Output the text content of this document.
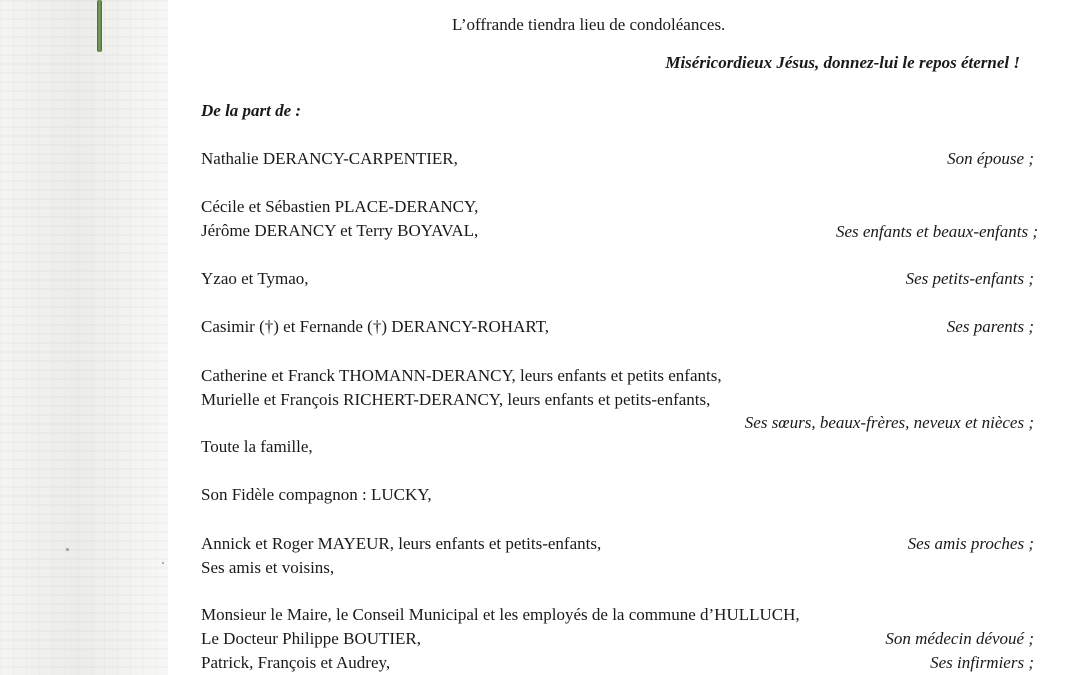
L’offrande tiendra lieu de condoléances.
Miséricordieux Jésus, donnez-lui le repos éternel !
De la part de :
Nathalie DERANCY-CARPENTIER,	Son épouse ;
Cécile et Sébastien PLACE-DERANCY,
Jérôme DERANCY et Terry BOYAVAL,	Ses enfants et beaux-enfants ;
Yzao et Tymao,	Ses petits-enfants ;
Casimir (†) et Fernande (†) DERANCY-ROHART,	Ses parents ;
Catherine et Franck THOMANN-DERANCY, leurs enfants et petits enfants,
Murielle et François RICHERT-DERANCY, leurs enfants et petits-enfants,
Ses sœurs, beaux-frères, neveux et nièces ;
Toute la famille,
Son Fidèle compagnon : LUCKY,
Annick et Roger MAYEUR, leurs enfants et petits-enfants,	Ses amis proches ;
Ses amis et voisins,
Monsieur le Maire, le Conseil Municipal et les employés de la commune d’HULLUCH,
Le Docteur Philippe BOUTIER,	Son médecin dévoué ;
Patrick, François et Audrey,	Ses infirmiers ;
